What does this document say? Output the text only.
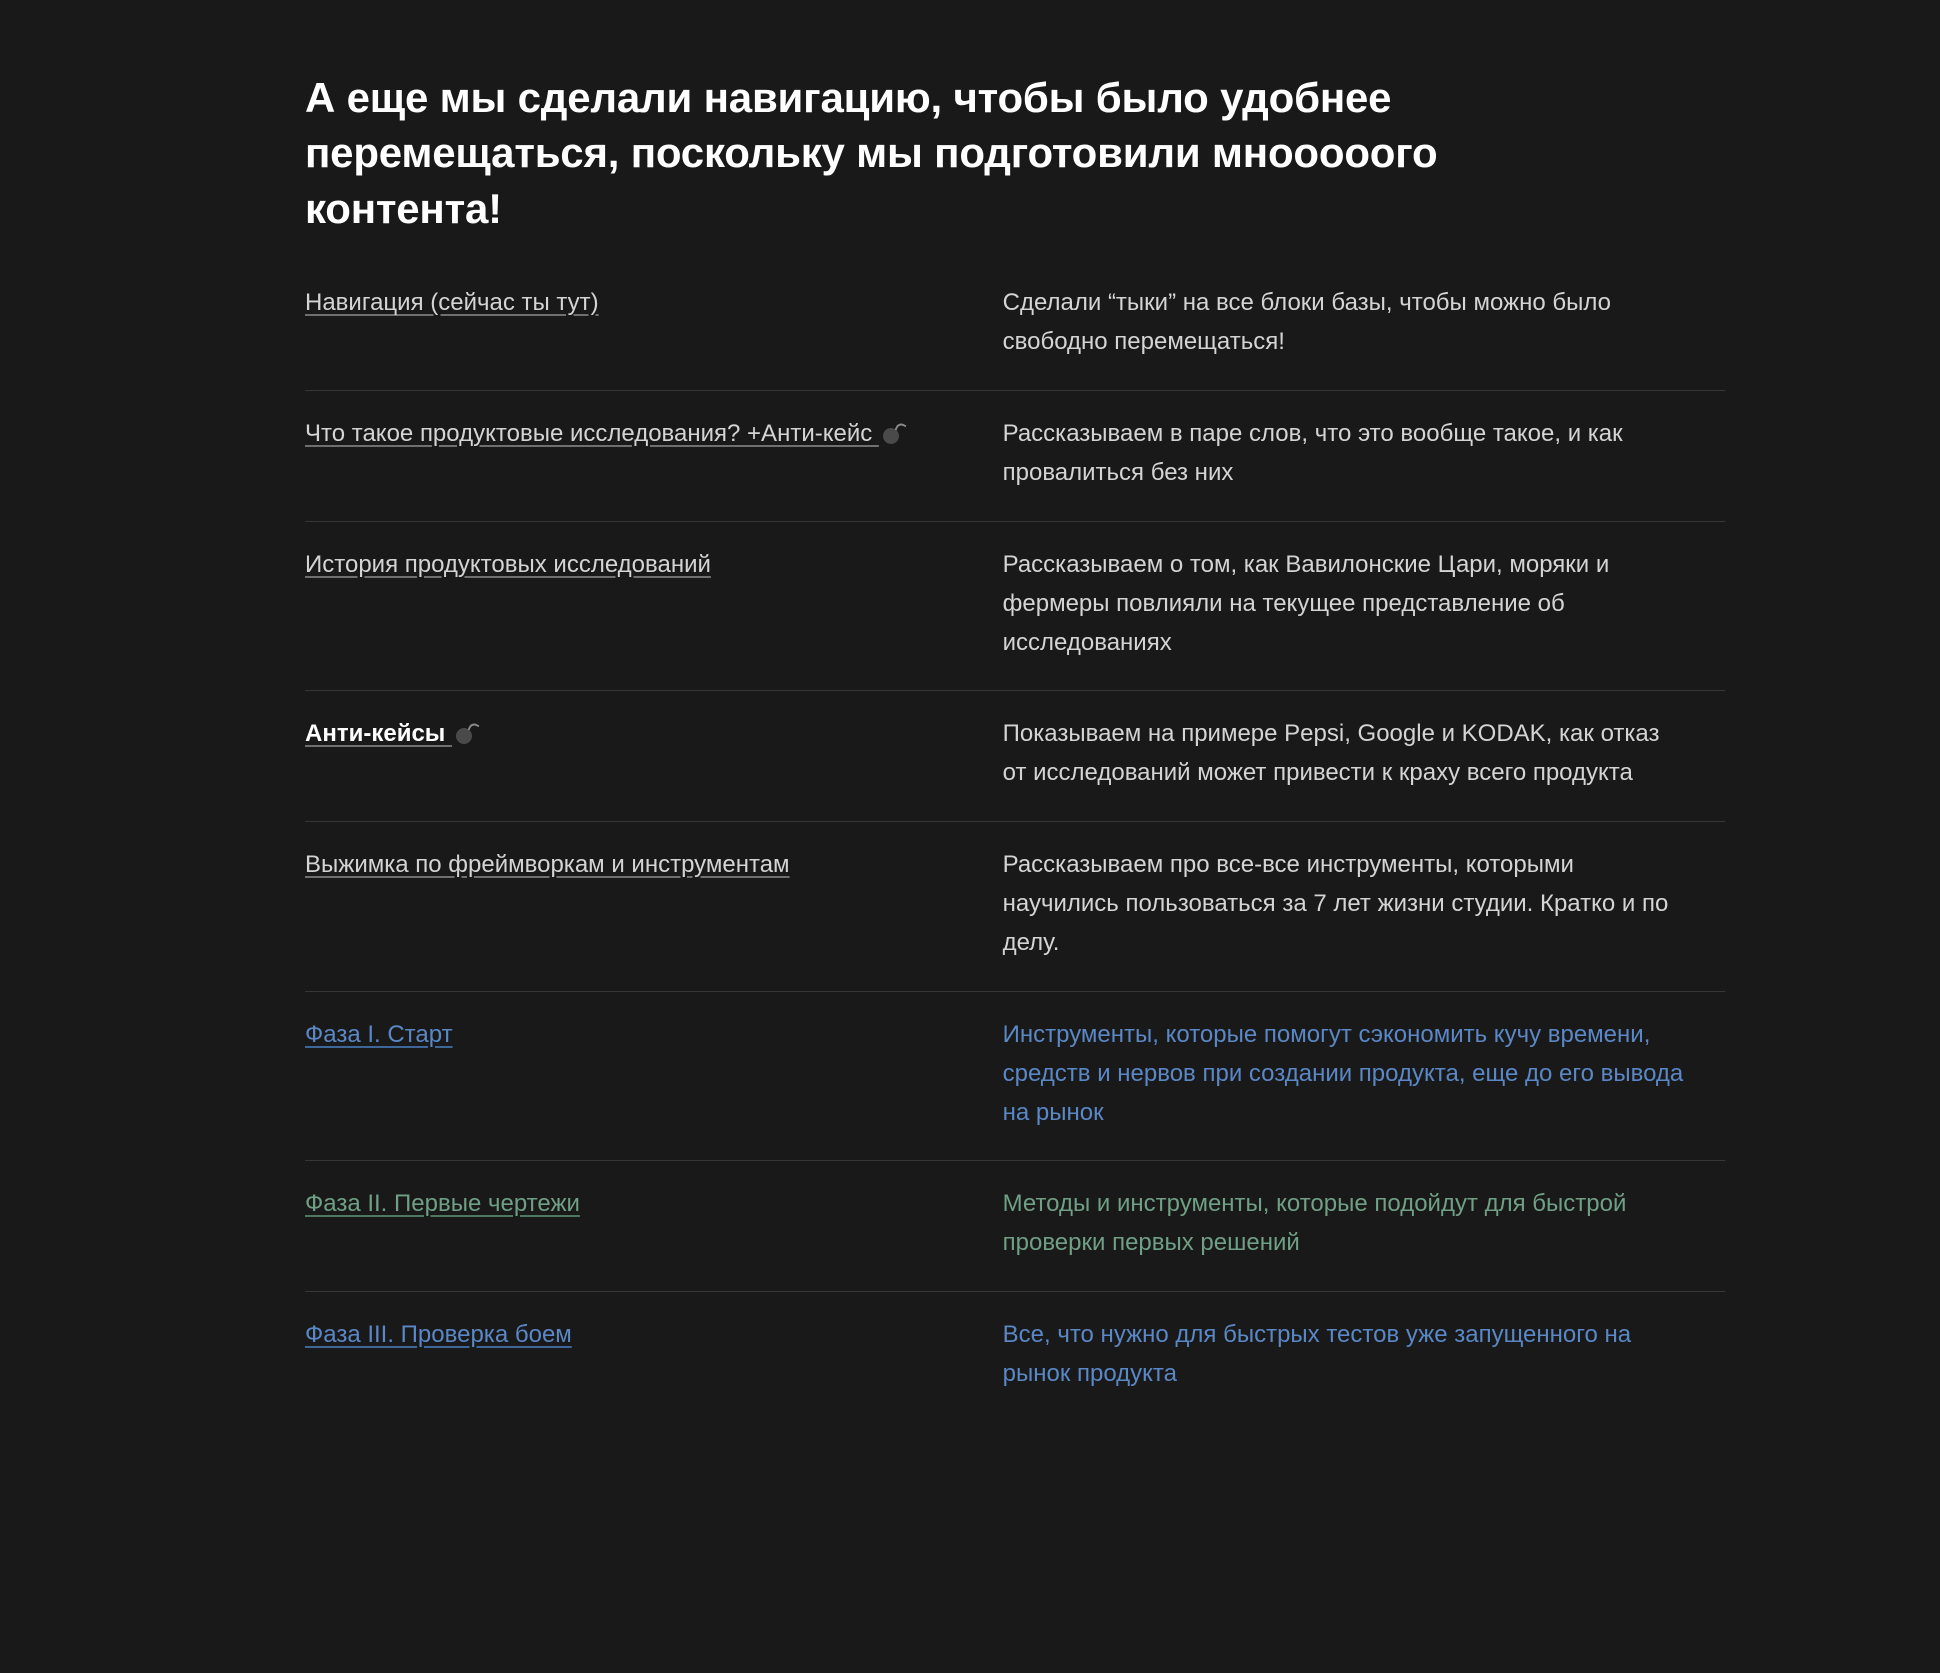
А еще мы сделали навигацию, чтобы было удобнее перемещаться, поскольку мы подготовили мнооооого контента!
Навигация (сейчас ты тут)	Сделали “тыки” на все блоки базы, чтобы можно было свободно перемещаться!
Что такое продуктовые исследования? +Анти-кейс	Рассказываем в паре слов, что это вообще такое, и как провалиться без них
История продуктовых исследований	Рассказываем о том, как Вавилонские Цари, моряки и фермеры повлияли на текущее представление об исследованиях
Анти-кейсы	Показываем на примере Pepsi, Google и KODAK, как отказ от исследований может привести к краху всего продукта
Выжимка по фреймворкам и инструментам	Рассказываем про все-все инструменты, которыми научились пользоваться за 7 лет жизни студии. Кратко и по делу.
Фаза I. Старт	Инструменты, которые помогут сэкономить кучу времени, средств и нервов при создании продукта, еще до его вывода на рынок
Фаза II. Первые чертежи	Методы и инструменты, которые подойдут для быстрой проверки первых решений
Фаза III. Проверка боем	Все, что нужно для быстрых тестов уже запущенного на рынок продукта
